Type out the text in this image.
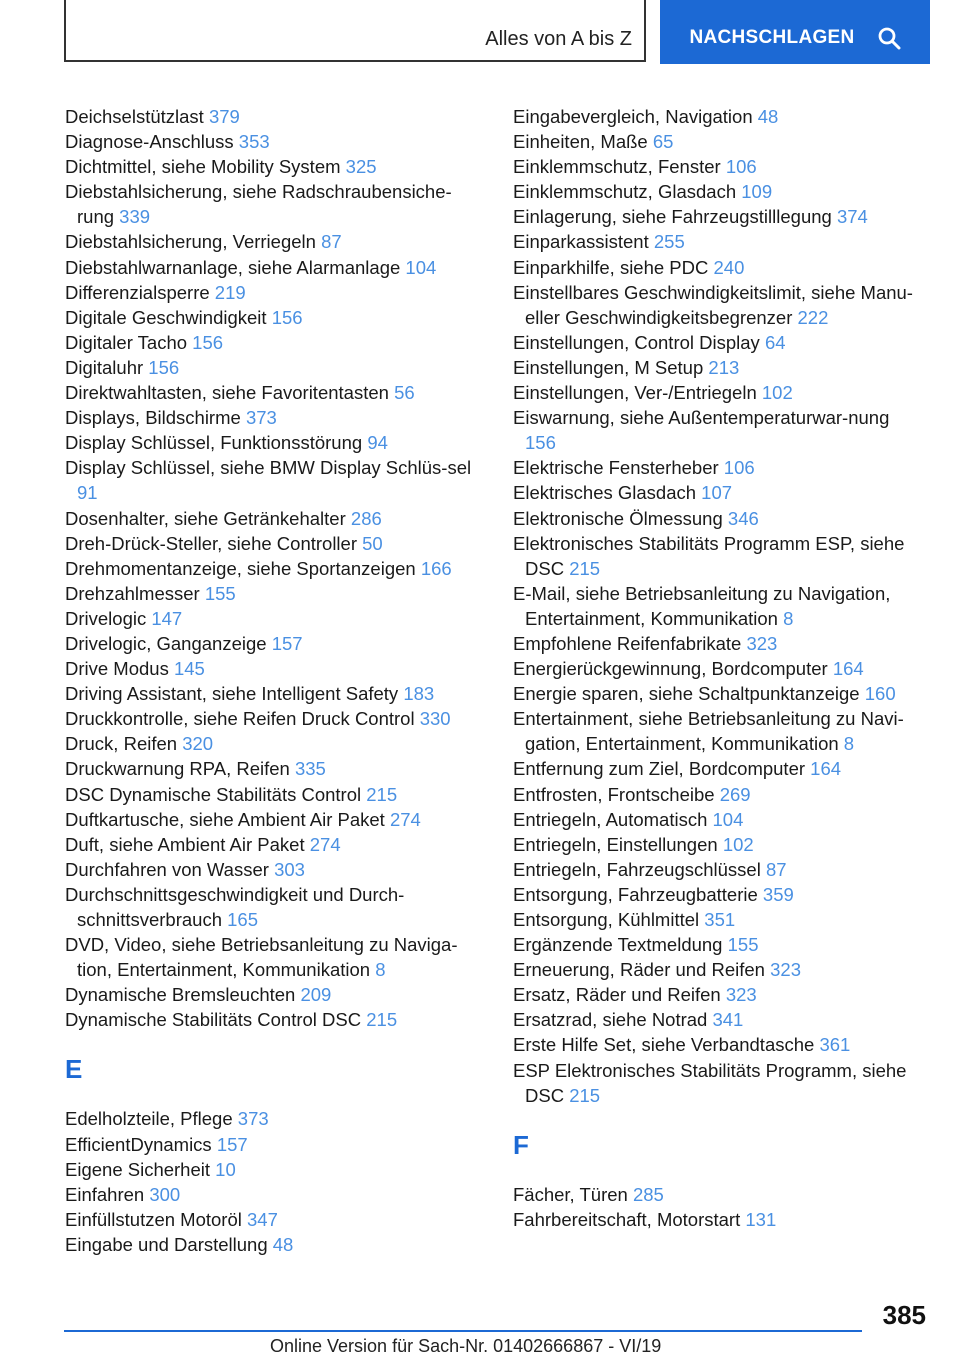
Alles von A bis Z	NACHSCHLAGEN
Deichselstützlast 379
Diagnose-Anschluss 353
Dichtmittel, siehe Mobility System 325
Diebstahlsicherung, siehe Radschraubensiche-rung 339
Diebstahlsicherung, Verriegeln 87
Diebstahlwarnanlage, siehe Alarmanlage 104
Differenzialsperre 219
Digitale Geschwindigkeit 156
Digitaler Tacho 156
Digitaluhr 156
Direktwahltasten, siehe Favoritentasten 56
Displays, Bildschirme 373
Display Schlüssel, Funktionsstörung 94
Display Schlüssel, siehe BMW Display Schlüs-sel 91
Dosenhalter, siehe Getränkehalter 286
Dreh-Drück-Steller, siehe Controller 50
Drehmomentanzeige, siehe Sportanzeigen 166
Drehzahlmesser 155
Drivelogic 147
Drivelogic, Ganganzeige 157
Drive Modus 145
Driving Assistant, siehe Intelligent Safety 183
Druckkontrolle, siehe Reifen Druck Control 330
Druck, Reifen 320
Druckwarnung RPA, Reifen 335
DSC Dynamische Stabilitäts Control 215
Duftkartusche, siehe Ambient Air Paket 274
Duft, siehe Ambient Air Paket 274
Durchfahren von Wasser 303
Durchschnittsgeschwindigkeit und Durch-schnittsverbrauch 165
DVD, Video, siehe Betriebsanleitung zu Naviga-tion, Entertainment, Kommunikation 8
Dynamische Bremsleuchten 209
Dynamische Stabilitäts Control DSC 215
E
Edelholzteile, Pflege 373
EfficientDynamics 157
Eigene Sicherheit 10
Einfahren 300
Einfüllstutzen Motoröl 347
Eingabe und Darstellung 48
Eingabevergleich, Navigation 48
Einheiten, Maße 65
Einklemmschutz, Fenster 106
Einklemmschutz, Glasdach 109
Einlagerung, siehe Fahrzeugstilllegung 374
Einparkassistent 255
Einparkhilfe, siehe PDC 240
Einstellbares Geschwindigkeitslimit, siehe Manu-eller Geschwindigkeitsbegrenzer 222
Einstellungen, Control Display 64
Einstellungen, M Setup 213
Einstellungen, Ver-/Entriegeln 102
Eiswarnung, siehe Außentemperaturwar-nung 156
Elektrische Fensterheber 106
Elektrisches Glasdach 107
Elektronische Ölmessung 346
Elektronisches Stabilitäts Programm ESP, siehe DSC 215
E-Mail, siehe Betriebsanleitung zu Navigation, Entertainment, Kommunikation 8
Empfohlene Reifenfabrikate 323
Energierückgewinnung, Bordcomputer 164
Energie sparen, siehe Schaltpunktanzeige 160
Entertainment, siehe Betriebsanleitung zu Navi-gation, Entertainment, Kommunikation 8
Entfernung zum Ziel, Bordcomputer 164
Entfrosten, Frontscheibe 269
Entriegeln, Automatisch 104
Entriegeln, Einstellungen 102
Entriegeln, Fahrzeugschlüssel 87
Entsorgung, Fahrzeugbatterie 359
Entsorgung, Kühlmittel 351
Ergänzende Textmeldung 155
Erneuerung, Räder und Reifen 323
Ersatz, Räder und Reifen 323
Ersatzrad, siehe Notrad 341
Erste Hilfe Set, siehe Verbandtasche 361
ESP Elektronisches Stabilitäts Programm, siehe DSC 215
F
Fächer, Türen 285
Fahrbereitschaft, Motorstart 131
385
Online Version für Sach-Nr. 01402666867 - VI/19
